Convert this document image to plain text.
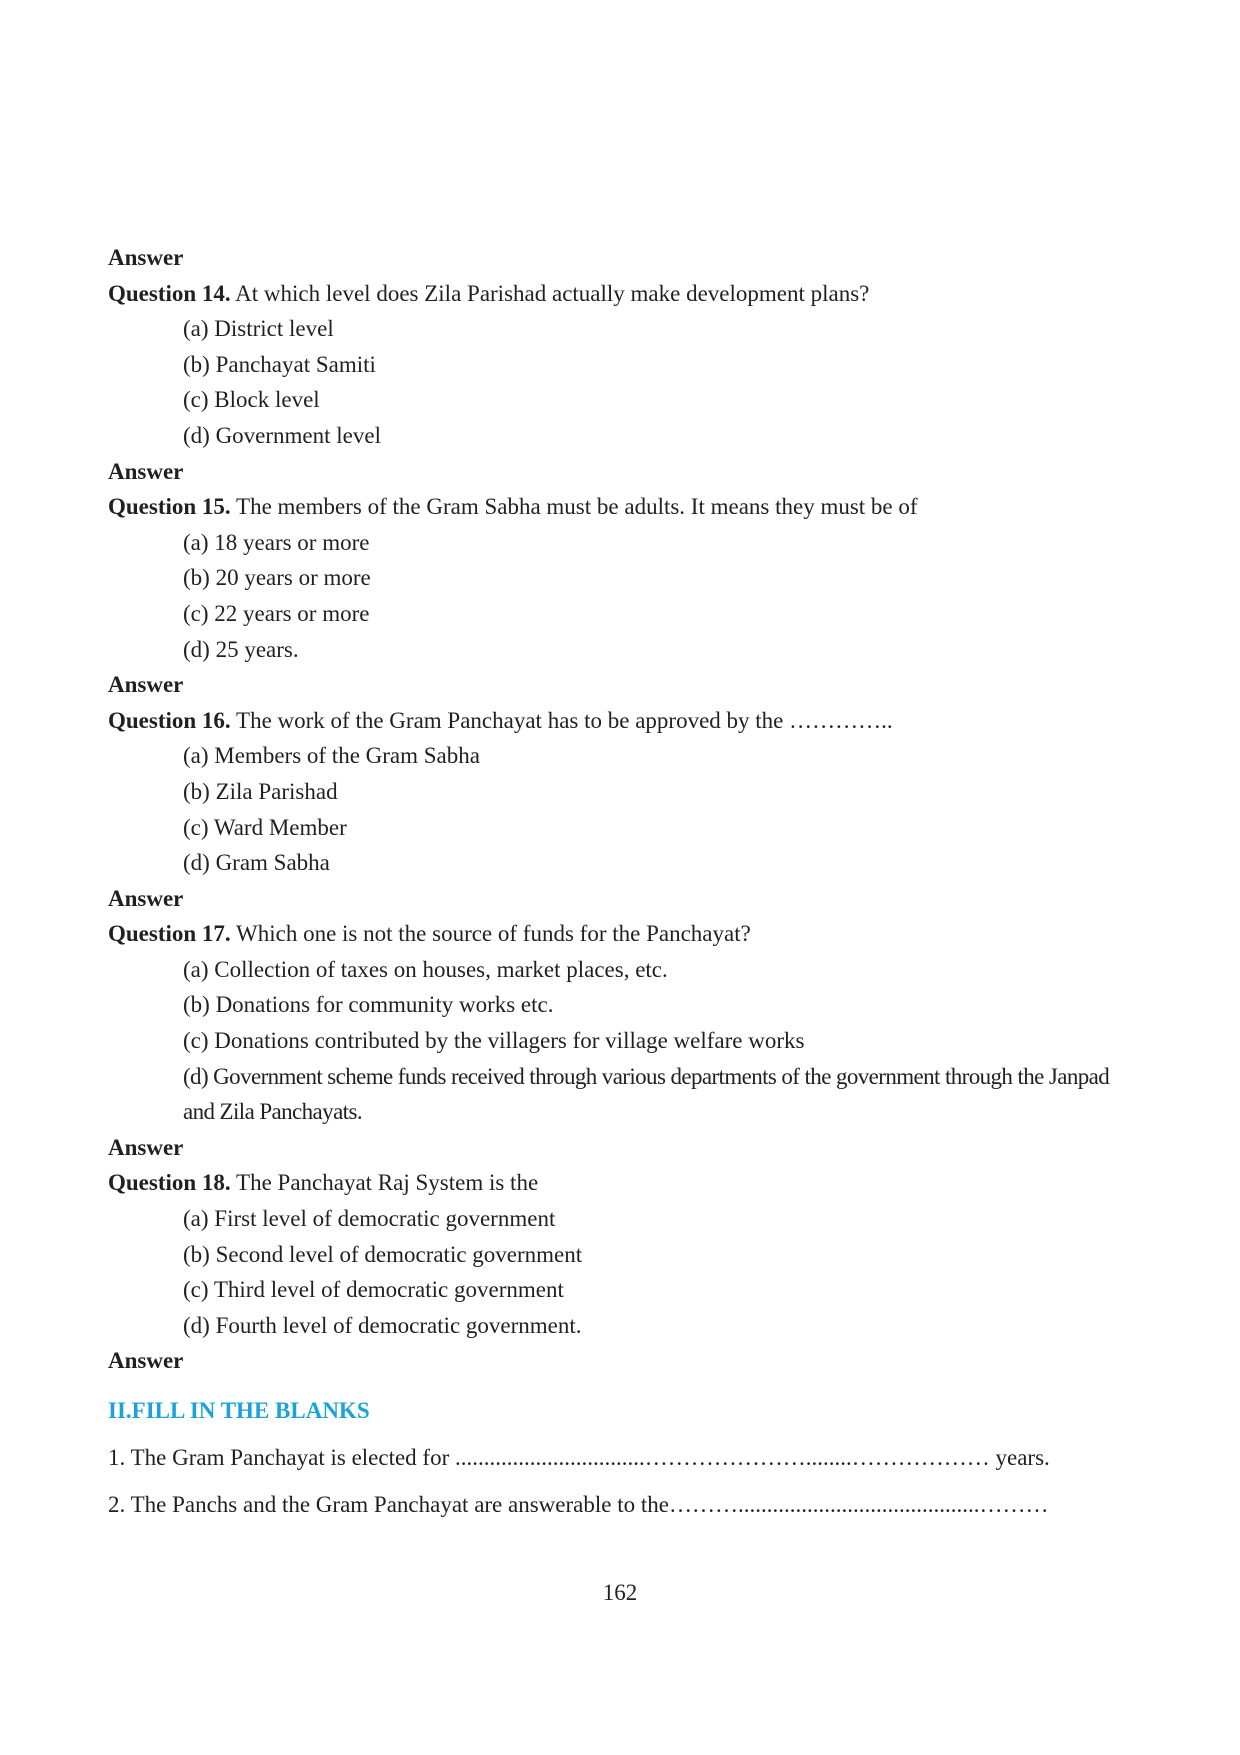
Answer
Question 14. At which level does Zila Parishad actually make development plans?
(a) District level
(b) Panchayat Samiti
(c) Block level
(d) Government level
Answer
Question 15. The members of the Gram Sabha must be adults. It means they must be of
(a) 18 years or more
(b) 20 years or more
(c) 22 years or more
(d) 25 years.
Answer
Question 16. The work of the Gram Panchayat has to be approved by the …………..
(a) Members of the Gram Sabha
(b) Zila Parishad
(c) Ward Member
(d) Gram Sabha
Answer
Question 17. Which one is not the source of funds for the Panchayat?
(a) Collection of taxes on houses, market places, etc.
(b) Donations for community works etc.
(c) Donations contributed by the villagers for village welfare works
(d) Government scheme funds received through various departments of the government through the Janpad and Zila Panchayats.
Answer
Question 18. The Panchayat Raj System is the
(a) First level of democratic government
(b) Second level of democratic government
(c) Third level of democratic government
(d) Fourth level of democratic government.
Answer
II.FILL IN THE BLANKS
1. The Gram Panchayat is elected for .................................…………………........……………… years.
2. The Panchs and the Gram Panchayat are answerable to the………..........................................………
162
